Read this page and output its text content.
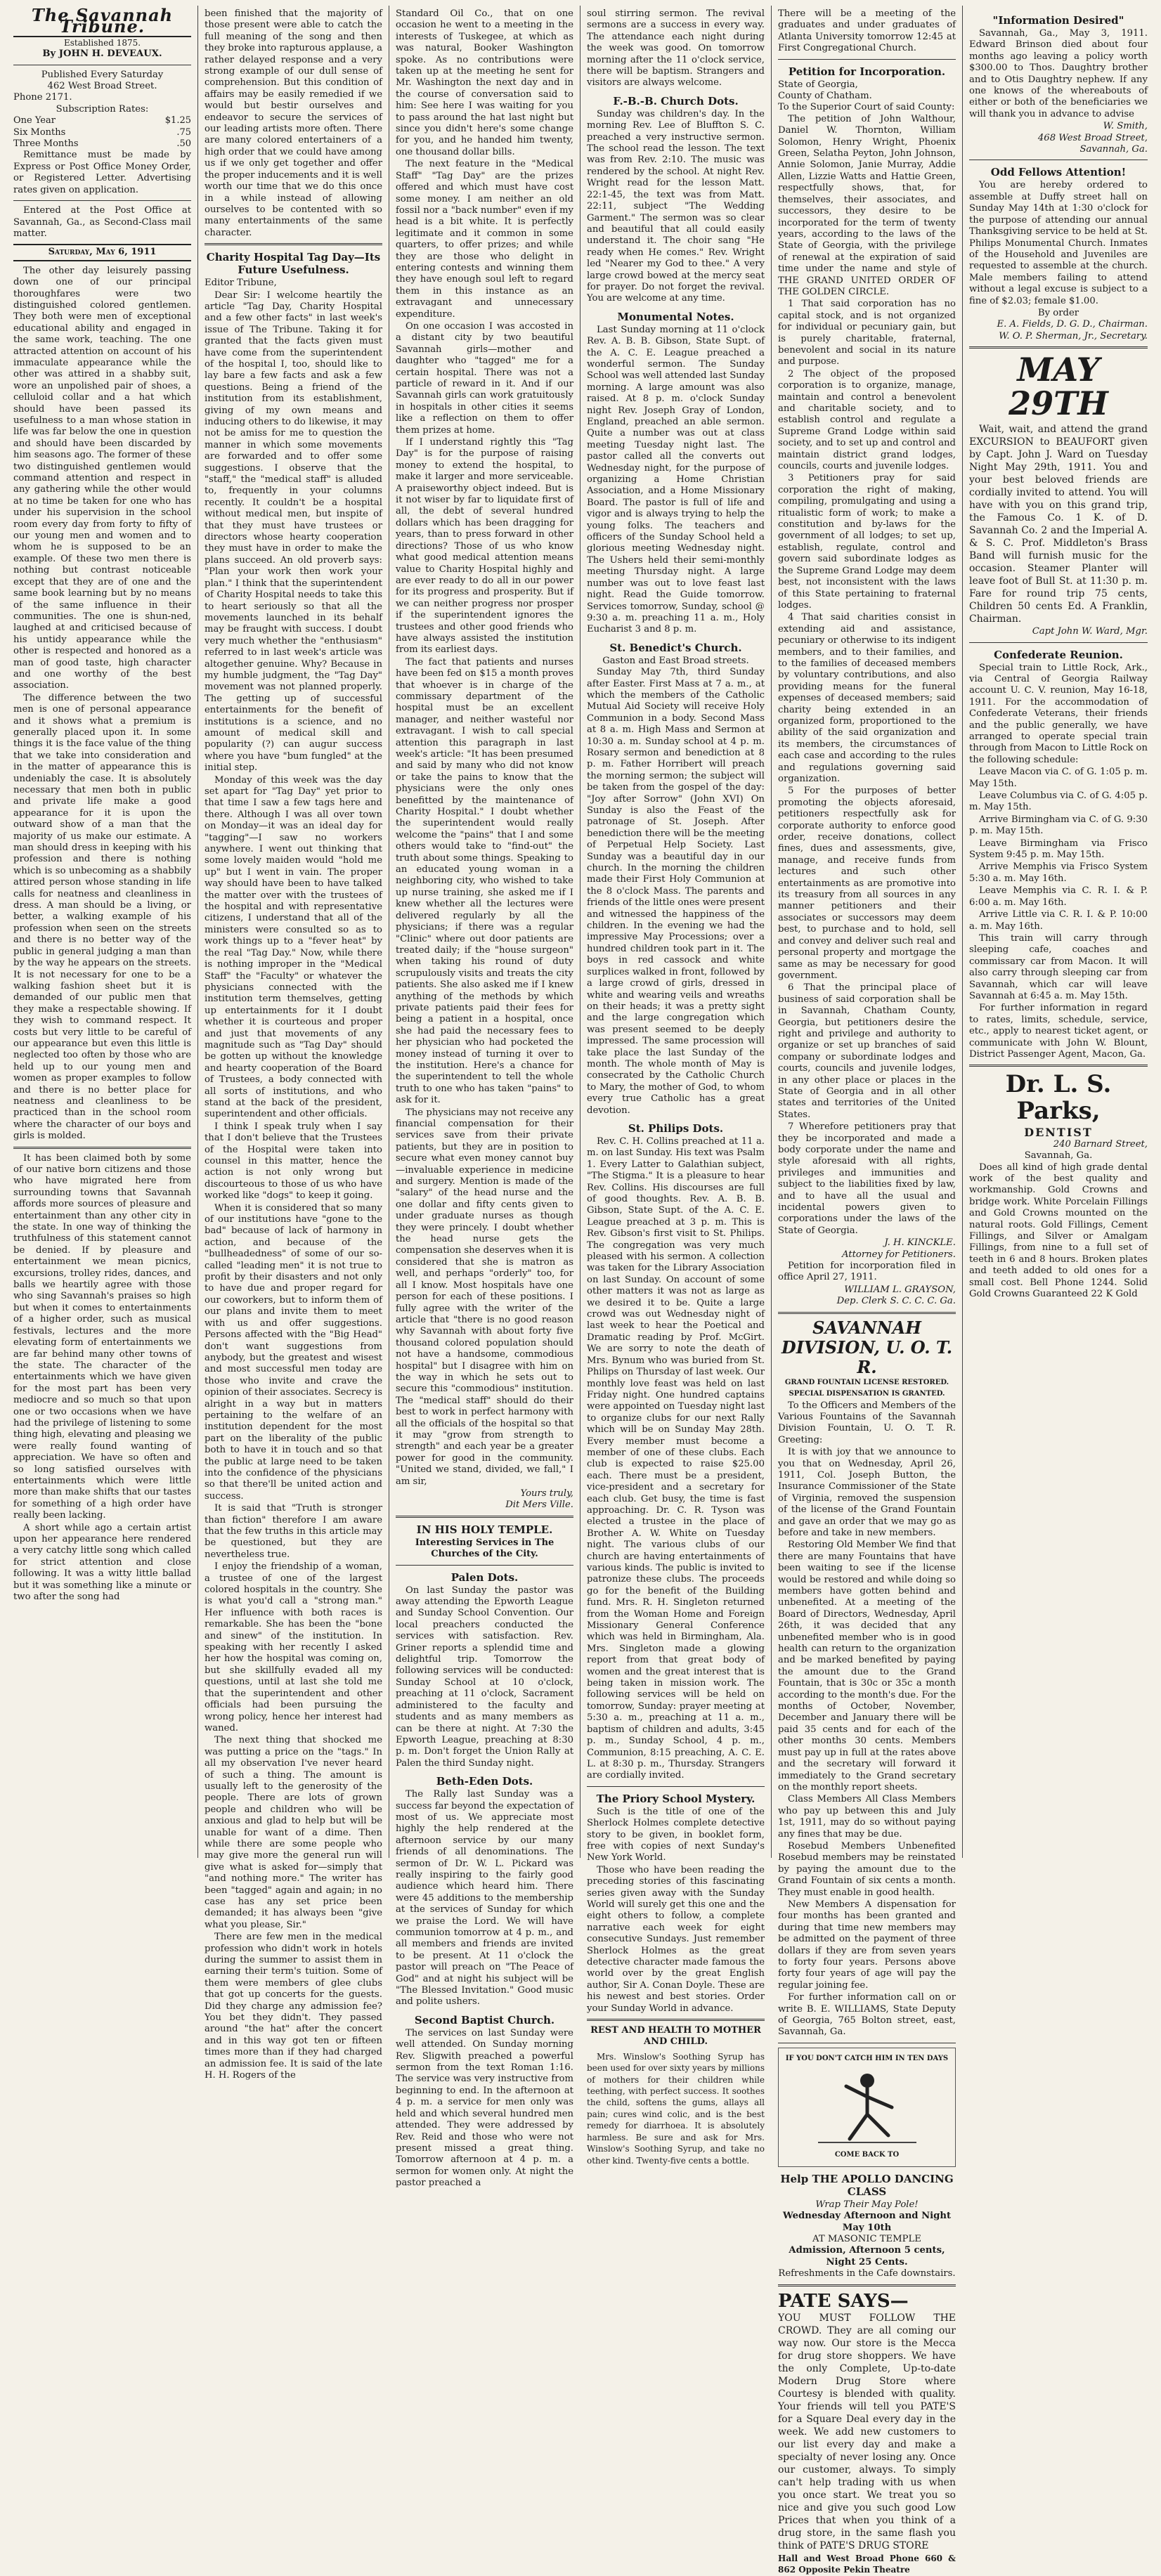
The Savannah Tribune.
Established 1875.
By JOHN H. DEVEAUX.
Published Every Saturday
462 West Broad Street.
Phone 2171.
Subscription Rates:
One Year	$1.25
Six Months	.75
Three Months	.50

Remittance must be made by Express or Post Office Money Order, or Registered Letter. Advertising rates given on application.

Entered at the Post Office at Savannah, Ga., as Second-Class mail matter.

Saturday, May 6, 1911

The other day leisurely passing down one of our principal thoroughfares were two distinguished colored gentlemen. They both were men of exceptional educational ability and engaged in the same work, teaching. The one attracted attention on account of his immaculate appearance while the other was attired in a shabby suit, wore an unpolished pair of shoes, a celluloid collar and a hat which should have been passed its usefulness to a man whose station in life was far below the one in question and should have been discarded by him seasons ago. The former of these two distinguished gentlemen would command attention and respect in any gathering while the other would at no time be taken for one who has under his supervision in the school room every day from forty to fifty of our young men and women and to whom he is supposed to be an example. Of these two men there is nothing but contrast noticeable except that they are of one and the same book learning but by no means of the same influence in their communities. The one is shun-ned, laughed at and criticised because of his untidy appearance while the other is respected and honored as a man of good taste, high character and one worthy of the best association.

The difference between the two men is one of personal appearance and it shows what a premium is generally placed upon it. In some things it is the face value of the thing that we take into consideration and in the matter of appearance this is undeniably the case. It is absolutely necessary that men both in public and private life make a good appearance for it is upon the outward show of a man that the majority of us make our estimate. A man should dress in keeping with his profession and there is nothing which is so unbecoming as a shabbily attired person whose standing in life calls for neatness and cleanliness in dress. A man should be a living, or better, a walking example of his profession when seen on the streets and there is no better way of the public in general judging a man than by the way he appears on the streets. It is not necessary for one to be a walking fashion sheet but it is demanded of our public men that they make a respectable showing. If they wish to command respect. It costs but very little to be careful of our appearance but even this little is neglected too often by those who are held up to our young men and women as proper examples to follow and there is no better place for neatness and cleanliness to be practiced than in the school room where the character of our boys and girls is molded.

It has been claimed both by some of our native born citizens and those who have migrated here from surrounding towns that Savannah affords more sources of pleasure and entertainment than any other city in the state. In one way of thinking the truthfulness of this statement cannot be denied. If by pleasure and entertainment we mean picnics, excursions, trolley rides, dances, and balls we heartily agree with those who sing Savannah's praises so high but when it comes to entertainments of a higher order, such as musical festivals, lectures and the more elevating form of entertainments we are far behind many other towns of the state. The character of the entertainments which we have given for the most part has been very mediocre and so much so that upon one or two occasions when we have had the privilege of listening to some thing high, elevating and pleasing we were really found wanting of appreciation. We have so often and so long satisfied ourselves with entertainments which were little more than make shifts that our tastes for something of a high order have really been lacking.

A short while ago a certain artist upon her appearance here rendered a very catchy little song which called for strict attention and close following. It was a witty little ballad but it was something like a minute or two after the song had

been finished that the majority of those present were able to catch the full meaning of the song and then they broke into rapturous applause, a rather delayed response and a very strong example of our dull sense of comprehension. But this condition of affairs may be easily remedied if we would but bestir ourselves and endeavor to secure the services of our leading artists more often. There are many colored entertainers of a high order that we could have among us if we only get together and offer the proper inducements and it is well worth our time that we do this once in a while instead of allowing ourselves to be contented with so many entertainments of the same character.

Charity Hospital Tag Day—Its Future Usefulness.

Editor Tribune,

Dear Sir: I welcome heartily the article "Tag Day, Charity Hospital and a few other facts" in last week's issue of The Tribune. Taking it for granted that the facts given must have come from the superintendent of the hospital I, too, should like to lay bare a few facts and ask a few questions. Being a friend of the institution from its establishment, giving of my own means and inducing others to do likewise, it may not be amiss for me to question the manner in which some movements are forwarded and to offer some suggestions. I observe that the "staff," the "medical staff" is alluded to, frequently in your columns recently. It couldn't be a hospital without medical men, but inspite of that they must have trustees or directors whose hearty cooperation they must have in order to make the plans succeed. An old proverb says: "Plan your work then work your plan." I think that the superintendent of Charity Hospital needs to take this to heart seriously so that all the movements launched in its behalf may be fraught with success. I doubt very much whether the "enthusiasm" referred to in last week's article was altogether genuine. Why? Because in my humble judgment, the "Tag Day" movement was not planned properly. The getting up of successful entertainments for the benefit of institutions is a science, and no amount of medical skill and popularity (?) can augur success where you have "bum fungled" at the initial step.

Monday of this week was the day set apart for "Tag Day" yet prior to that time I saw a few tags here and there. Although I was all over town on Monday—it was an ideal day for "tagging"—I saw no workers anywhere. I went out thinking that some lovely maiden would "hold me up" but I went in vain. The proper way should have been to have talked the matter over with the trustees of the hospital and with representative citizens, I understand that all of the ministers were consulted so as to work things up to a "fever heat" by the real "Tag Day." Now, while there is nothing improper in the "Medical Staff" the "Faculty" or whatever the physicians connected with the institution term themselves, getting up entertainments for it I doubt whether it is courteous and proper and just that movements of any magnitude such as "Tag Day" should be gotten up without the knowledge and hearty cooperation of the Board of Trustees, a body connected with all sorts of institutions, and who stand at the back of the president, superintendent and other officials.

I think I speak truly when I say that I don't believe that the Trustees of the Hospital were taken into counsel in this matter, hence the action is not only wrong but discourteous to those of us who have worked like "dogs" to keep it going.

When it is considered that so many of our institutions have "gone to the bad" because of lack of harmony in action, and because of the "bullheadedness" of some of our so-called "leading men" it is not true to profit by their disasters and not only to have due and proper regard for our coworkers, but to inform them of our plans and invite them to meet with us and offer suggestions. Persons affected with the "Big Head" don't want suggestions from anybody, but the greatest and wisest and most successful men today are those who invite and crave the opinion of their associates. Secrecy is alright in a way but in matters pertaining to the welfare of an institution dependent for the most part on the liberality of the public both to have it in touch and so that the public at large need to be taken into the confidence of the physicians so that there'll be united action and success.

It is said that "Truth is stronger than fiction" therefore I am aware that the few truths in this article may be questioned, but they are nevertheless true.

I enjoy the friendship of a woman, a trustee of one of the largest colored hospitals in the country. She is what you'd call a "strong man." Her influence with both races is remarkable. She has been the "bone and sinew" of the institution. In speaking with her recently I asked her how the hospital was coming on, but she skillfully evaded all my questions, until at last she told me that the superintendent and other officials had been pursuing the wrong policy, hence her interest had waned.

The next thing that shocked me was putting a price on the "tags." In all my observation I've never heard of such a thing. The amount is usually left to the generosity of the people. There are lots of grown people and children who will be anxious and glad to help but will be unable for want of a dime. Then while there are some people who may give more the general run will give what is asked for—simply that "and nothing more." The writer has been "tagged" again and again; in no case has any set price been demanded; it has always been "give what you please, Sir."

There are few men in the medical profession who didn't work in hotels during the summer to assist them in earning their term's tuition. Some of them were members of glee clubs that got up concerts for the guests. Did they charge any admission fee? You bet they didn't. They passed around "the hat" after the concert and in this way got ten or fifteen times more than if they had charged an admission fee. It is said of the late H. H. Rogers of the

Standard Oil Co., that on one occasion he went to a meeting in the interests of Tuskegee, at which as was natural, Booker Washington spoke. As no contributions were taken up at the meeting he sent for Mr. Washington the next day and in the course of conversation said to him: See here I was waiting for you to pass around the hat last night but since you didn't here's some change for you, and he handed him twenty, one thousand dollar bills.

The next feature in the "Medical Staff" "Tag Day" are the prizes offered and which must have cost some money. I am neither an old fossil nor a "back number" even if my head is a bit white. It is perfectly legitimate and it common in some quarters, to offer prizes; and while they are those who delight in entering contests and winning them they have enough soul left to regard them in this instance as an extravagant and unnecessary expenditure.

On one occasion I was accosted in a distant city by two beautiful Savannah girls—mother and daughter who "tagged" me for a certain hospital. There was not a particle of reward in it. And if our Savannah girls can work gratuitously in hospitals in other cities it seems like a reflection on them to offer them prizes at home.

If I understand rightly this "Tag Day" is for the purpose of raising money to extend the hospital, to make it larger and more serviceable. A praiseworthy object indeed. But is it not wiser by far to liquidate first of all, the debt of several hundred dollars which has been dragging for years, than to press forward in other directions? Those of us who know what good medical attention means value to Charity Hospital highly and are ever ready to do all in our power for its progress and prosperity. But if we can neither progress nor prosper if the superintendent ignores the trustees and other good friends who have always assisted the institution from its earliest days.

The fact that patients and nurses have been fed on $15 a month proves that whoever is in charge of the commissary department of the hospital must be an excellent manager, and neither wasteful nor extravagant. I wish to call special attention this paragraph in last week's article: "It has been presumed and said by many who did not know or take the pains to know that the physicians were the only ones benefitted by the maintenance of Charity Hospital." I doubt whether the superintendent would really welcome the "pains" that I and some others would take to "find-out" the truth about some things. Speaking to an educated young woman in a neighboring city, who wished to take up nurse training, she asked me if I knew whether all the lectures were delivered regularly by all the physicians; if there was a regular "Clinic" where out door patients are treated daily; if the "house surgeon" when taking his round of duty scrupulously visits and treats the city patients. She also asked me if I knew anything of the methods by which private patients paid their fees for being a patient in a hospital, once she had paid the necessary fees to her physician who had pocketed the money instead of turning it over to the institution. Here's a chance for the superintendent to tell the whole truth to one who has taken "pains" to ask for it.

The physicians may not receive any financial compensation for their services save from their private patients, but they are in position to secure what even money cannot buy—invaluable experience in medicine and surgery. Mention is made of the "salary" of the head nurse and the one dollar and fifty cents given to under graduate nurses as though they were princely. I doubt whether the head nurse gets the compensation she deserves when it is considered that she is matron as well, and perhaps "orderly" too, for all I know. Most hospitals have one person for each of these positions. I fully agree with the writer of the article that "there is no good reason why Savannah with about forty five thousand colored population should not have a handsome, commodious hospital" but I disagree with him on the way in which he sets out to secure this "commodious" institution. The "medical staff" should do their best to work in perfect harmony with all the officials of the hospital so that it may "grow from strength to strength" and each year be a greater power for good in the community. "United we stand, divided, we fall," I am sir,

Yours truly,
Dit Mers Ville.
IN HIS HOLY TEMPLE.
Interesting Services in The Churches of the City.
Palen Dots.

On last Sunday the pastor was away attending the Epworth League and Sunday School Convention. Our local preachers conducted the services with satisfaction. Rev. Griner reports a splendid time and delightful trip. Tomorrow the following services will be conducted: Sunday School at 10 o'clock, preaching at 11 o'clock, Sacrament administered to the faculty and students and as many members as can be there at night. At 7:30 the Epworth League, preaching at 8:30 p. m. Don't forget the Union Rally at Palen the third Sunday night.

Beth-Eden Dots.

The Rally last Sunday was a success far beyond the expectation of most of us. We appreciate most highly the help rendered at the afternoon service by our many friends of all denominations. The sermon of Dr. W. L. Pickard was really inspiring to the fairly good audience which heard him. There were 45 additions to the membership at the services of Sunday for which we praise the Lord. We will have communion tomorrow at 4 p. m., and all members and friends are invited to be present. At 11 o'clock the pastor will preach on "The Peace of God" and at night his subject will be "The Blessed Invitation." Good music and polite ushers.

Second Baptist Church.

The services on last Sunday were well attended. On Sunday morning Rev. Sligwith preached a powerful sermon from the text Roman 1:16. The service was very instructive from beginning to end. In the afternoon at 4 p. m. a service for men only was held and which several hundred men attended. They were addressed by Rev. Reid and those who were not present missed a great thing. Tomorrow afternoon at 4 p. m. a sermon for women only. At night the pastor preached a

soul stirring sermon. The revival sermons are a success in every way. The attendance each night during the week was good. On tomorrow morning after the 11 o'clock service, there will be baptism. Strangers and visitors are always welcome.

F.-B.-B. Church Dots.

Sunday was children's day. In the morning Rev. Lee of Bluffton S. C. preached a very instructive sermon. The school read the lesson. The text was from Rev. 2:10. The music was rendered by the school. At night Rev. Wright read for the lesson Matt. 22:1-45, the text was from Matt. 22:11, subject "The Wedding Garment." The sermon was so clear and beautiful that all could easily understand it. The choir sang "He ready when He comes." Rev. Wright led "Nearer my God to thee." A very large crowd bowed at the mercy seat for prayer. Do not forget the revival. You are welcome at any time.

Monumental Notes.

Last Sunday morning at 11 o'clock Rev. A. B. B. Gibson, State Supt. of the A. C. E. League preached a wonderful sermon. The Sunday School was well attended last Sunday morning. A large amount was also raised. At 8 p. m. o'clock Sunday night Rev. Joseph Gray of London, England, preached an able sermon. Quite a number was out at class meeting Tuesday night last. The pastor called all the converts out Wednesday night, for the purpose of organizing a Home Christian Association, and a Home Missionary Board. The pastor is full of life and vigor and is always trying to help the young folks. The teachers and officers of the Sunday School held a glorious meeting Wednesday night. The Ushers held their semi-monthly meeting Thursday night. A large number was out to love feast last night. Read the Guide tomorrow. Services tomorrow, Sunday, school @ 9:30 a. m. preaching 11 a. m., Holy Eucharist 3 and 8 p. m.

St. Benedict's Church.
Gaston and East Broad streets.

Sunday May 7th, third Sunday after Easter. First Mass at 7 a. m., at which the members of the Catholic Mutual Aid Society will receive Holy Communion in a body. Second Mass at 8 a. m. High Mass and Sermon at 10:30 a. m. Sunday school at 4 p. m. Rosary sermon and benediction at 8 p. m. Father Horribert will preach the morning sermon; the subject will be taken from the gospel of the day: "Joy after Sorrow" (John XVI) On Sunday is also the Feast of the patronage of St. Joseph. After benediction there will be the meeting of Perpetual Help Society. Last Sunday was a beautiful day in our church. In the morning the children made their First Holy Communion at the 8 o'clock Mass. The parents and friends of the little ones were present and witnessed the happiness of the children. In the evening we had the impressive May Processions; over a hundred children took part in it. The boys in red cassock and white surplices walked in front, followed by a large crowd of girls, dressed in white and wearing veils and wreaths on their heads; it was a pretty sight and the large congregation which was present seemed to be deeply impressed. The same procession will take place the last Sunday of the month. The whole month of May is consecrated by the Catholic Church to Mary, the mother of God, to whom every true Catholic has a great devotion.

St. Philips Dots.

Rev. C. H. Collins preached at 11 a. m. on last Sunday. His text was Psalm 1. Every Latter to Galathian subject, "The Stigma." It is a pleasure to hear Rev. Collins. His discourses are full of good thoughts. Rev. A. B. B. Gibson, State Supt. of the A. C. E. League preached at 3 p. m. This is Rev. Gibson's first visit to St. Philips. The congregation was very much pleased with his sermon. A collection was taken for the Library Association on last Sunday. On account of some other matters it was not as large as we desired it to be. Quite a large crowd was out Wednesday night of last week to hear the Poetical and Dramatic reading by Prof. McGirt. We are sorry to note the death of Mrs. Bynum who was buried from St. Philips on Thursday of last week. Our monthly love feast was held on last Friday night. One hundred captains were appointed on Tuesday night last to organize clubs for our next Rally which will be on Sunday May 28th. Every member must become a member of one of these clubs. Each club is expected to raise $25.00 each. There must be a president, vice-president and a secretary for each club. Get busy, the time is fast approaching. Dr. C. R. Tyson was elected a trustee in the place of Brother A. W. White on Tuesday night. The various clubs of our church are having entertainments of various kinds. The public is invited to patronize these clubs. The proceeds go for the benefit of the Building fund. Mrs. R. H. Singleton returned from the Woman Home and Foreign Missionary General Conference which was held in Birmingham, Ala. Mrs. Singleton made a glowing report from that great body of women and the great interest that is being taken in mission work. The following services will be held on tomorrow, Sunday: prayer meeting at 5:30 a. m., preaching at 11 a. m., baptism of children and adults, 3:45 p. m., Sunday School, 4 p. m., Communion, 8:15 preaching, A. C. E. L. at 8:30 p. m., Thursday. Strangers are cordially invited.

The Priory School Mystery.

Such is the title of one of the Sherlock Holmes complete detective story to be given, in booklet form, free with copies of next Sunday's New York World.

Those who have been reading the preceding stories of this fascinating series given away with the Sunday World will surely get this one and the eight others to follow, a complete narrative each week for eight consecutive Sundays. Just remember Sherlock Holmes as the great detective character made famous the world over by the great English author, Sir A. Conan Doyle. These are his newest and best stories. Order your Sunday World in advance.

REST AND HEALTH TO MOTHER AND CHILD.

Mrs. Winslow's Soothing Syrup has been used for over sixty years by millions of mothers for their children while teething, with perfect success. It soothes the child, softens the gums, allays all pain; cures wind colic, and is the best remedy for diarrhoea. It is absolutely harmless. Be sure and ask for Mrs. Winslow's Soothing Syrup, and take no other kind. Twenty-five cents a bottle.

There will be a meeting of the graduates and under graduates of Atlanta University tomorrow 12:45 at First Congregational Church.

Petition for Incorporation.
State of Georgia,
County of Chatham.
To the Superior Court of said County:

The petition of John Walthour, Daniel W. Thornton, William Solomon, Henry Wright, Phoenix Green, Selatha Peyton, John Johnson, Annie Solomon, Janie Murray, Addie Allen, Lizzie Watts and Hattie Green, respectfully shows, that, for themselves, their associates, and successors, they desire to be incorporated for the term of twenty years, according to the laws of the State of Georgia, with the privilege of renewal at the expiration of said time under the name and style of THE GRAND UNITED ORDER OF THE GOLDEN CIRCLE.

1 That said corporation has no capital stock, and is not organized for individual or pecuniary gain, but is purely charitable, fraternal, benevolent and social in its nature and purpose.

2 The object of the proposed corporation is to organize, manage, maintain and control a benevolent and charitable society, and to establish control and regulate a Supreme Grand Lodge within said society, and to set up and control and maintain district grand lodges, councils, courts and juvenile lodges.

3 Petitioners pray for said corporation the right of making, compiling, promulgating and using a ritualistic form of work; to make a constitution and by-laws for the government of all lodges; to set up, establish, regulate, control and govern said subordinate lodges as the Supreme Grand Lodge may deem best, not inconsistent with the laws of this State pertaining to fraternal lodges.

4 That said charities consist in extending aid and assistance, pecuniary or otherwise to its indigent members, and to their families, and to the families of deceased members by voluntary contributions, and also providing means for the funeral expenses of deceased members; said charity being extended in an organized form, proportioned to the ability of the said organization and its members, the circumstances of each case and according to the rules and regulations governing said organization.

5 For the purposes of better promoting the objects aforesaid, petitioners respectfully ask for corporate authority to enforce good order, receive donations, collect fines, dues and assessments, give, manage, and receive funds from lectures and such other entertainments as are promotive into its treasury from all sources in any manner petitioners and their associates or successors may deem best, to purchase and to hold, sell and convey and deliver such real and personal property and mortgage the same as may be necessary for good government.

6 That the principal place of business of said corporation shall be in Savannah, Chatham County, Georgia, but petitioners desire the right and privilege and authority to organize or set up branches of said company or subordinate lodges and courts, councils and juvenile lodges, in any other place or places in the State of Georgia and in all other states and territories of the United States.

7 Wherefore petitioners pray that they be incorporated and made a body corporate under the name and style aforesaid with all rights, privileges and immunities and subject to the liabilities fixed by law, and to have all the usual and incidental powers given to corporations under the laws of the State of Georgia.

J. H. KINCKLE.
Attorney for Petitioners.

Petition for incorporation filed in office April 27, 1911.

WILLIAM L. GRAYSON,
Dep. Clerk S. C. C. C. Ga.
SAVANNAH DIVISION, U. O. T. R.
GRAND FOUNTAIN LICENSE RESTORED. SPECIAL DISPENSATION IS GRANTED.

To the Officers and Members of the Various Fountains of the Savannah Division Fountain, U. O. T. R. Greeting:

It is with joy that we announce to you that on Wednesday, April 26, 1911, Col. Joseph Button, the Insurance Commissioner of the State of Virginia, removed the suspension of the license of the Grand Fountain and gave an order that we may go as before and take in new members.

Restoring Old Member We find that there are many Fountains that have been waiting to see if the license would be restored and while doing so members have gotten behind and unbenefited. At a meeting of the Board of Directors, Wednesday, April 26th, it was decided that any unbenefited member who is in good health can return to the organization and be marked benefited by paying the amount due to the Grand Fountain, that is 30c or 35c a month according to the month's due. For the months of October, November, December and January there will be paid 35 cents and for each of the other months 30 cents. Members must pay up in full at the rates above and the secretary will forward it immediately to the Grand secretary on the monthly report sheets.

Class Members All Class Members who pay up between this and July 1st, 1911, may do so without paying any fines that may be due.

Rosebud Members Unbenefited Rosebud members may be reinstated by paying the amount due to the Grand Fountain of six cents a month. They must enable in good health.

New Members A dispensation for four months has been granted and during that time new members may be admitted on the payment of three dollars if they are from seven years to forty four years. Persons above forty four years of age will pay the regular joining fee.

For further information call on or write B. E. WILLIAMS, State Deputy of Georgia, 765 Bolton street, east, Savannah, Ga.

IF YOU DON'T CATCH HIM IN TEN DAYS
COME BACK TO
Help THE APOLLO DANCING CLASS
Wrap Their May Pole!
Wednesday Afternoon and Night May 10th
AT MASONIC TEMPLE
Admission, Afternoon 5 cents, Night 25 Cents.
Refreshments in the Cafe downstairs.
PATE SAYS—

YOU MUST FOLLOW THE CROWD. They are all coming our way now. Our store is the Mecca for drug store shoppers. We have the only Complete, Up-to-date Modern Drug Store where Courtesy is blended with quality. Your friends will tell you PATE'S for a Square Deal every day in the week. We add new customers to our list every day and make a specialty of never losing any. Once our customer, always. To simply can't help trading with us when you once start. We treat you so nice and give you such good Low Prices that when you think of a drug store, in the same flash you think of PATE'S DRUG STORE

Hall and West Broad Phone 660 & 862 Opposite Pekin Theatre
"Information Desired"

Savannah, Ga., May 3, 1911. Edward Brinson died about four months ago leaving a policy worth $300.00 to Thos. Daughtry brother and to Otis Daughtry nephew. If any one knows of the whereabouts of either or both of the beneficiaries we will thank you in advance to advise

W. Smith,
468 West Broad Street,
Savannah, Ga.
Odd Fellows Attention!

You are hereby ordered to assemble at Duffy street hall on Sunday May 14th at 1:30 o'clock for the purpose of attending our annual Thanksgiving service to be held at St. Philips Monumental Church. Inmates of the Household and Juveniles are requested to assemble at the church. Male members failing to attend without a legal excuse is subject to a fine of $2.03; female $1.00.

By order
E. A. Fields, D. G. D., Chairman.
W. O. P. Sherman, Jr., Secretary.
MAY 29TH

Wait, wait, and attend the grand EXCURSION to BEAUFORT given by Capt. John J. Ward on Tuesday Night May 29th, 1911. You and your best beloved friends are cordially invited to attend. You will have with you on this grand trip, the Famous Co. 1 K. of D. Savannah Co. 2 and the Imperial A. & S. C. Prof. Middleton's Brass Band will furnish music for the occasion. Steamer Planter will leave foot of Bull St. at 11:30 p. m. Fare for round trip 75 cents, Children 50 cents Ed. A Franklin, Chairman.

Capt John W. Ward, Mgr.
Confederate Reunion.

Special train to Little Rock, Ark., via Central of Georgia Railway account U. C. V. reunion, May 16-18, 1911. For the accommodation of Confederate Veterans, their friends and the public generally, we have arranged to operate special train through from Macon to Little Rock on the following schedule:

Leave Macon via C. of G. 1:05 p. m. May 15th.

Leave Columbus via C. of G. 4:05 p. m. May 15th.

Arrive Birmingham via C. of G. 9:30 p. m. May 15th.

Leave Birmingham via Frisco System 9:45 p. m. May 15th.

Arrive Memphis via Frisco System 5:30 a. m. May 16th.

Leave Memphis via C. R. I. & P. 6:00 a. m. May 16th.

Arrive Little via C. R. I. & P. 10:00 a. m. May 16th.

This train will carry through sleeping cafe, coaches and commissary car from Macon. It will also carry through sleeping car from Savannah, which car will leave Savannah at 6:45 a. m. May 15th.

For further information in regard to rates, limits, schedule, service, etc., apply to nearest ticket agent, or communicate with John W. Blount, District Passenger Agent, Macon, Ga.

Dr. L. S. Parks,
DENTIST
240 Barnard Street,
Savannah, Ga.

Does all kind of high grade dental work of the best quality and workmanship. Gold Crowns and bridge work. White Porcelain Fillings and Gold Crowns mounted on the natural roots. Gold Fillings, Cement Fillings, and Silver or Amalgam Fillings, from nine to a full set of teeth in 6 and 8 hours. Broken plates and teeth added to old ones for a small cost. Bell Phone 1244. Solid Gold Crowns Guaranteed 22 K Gold
